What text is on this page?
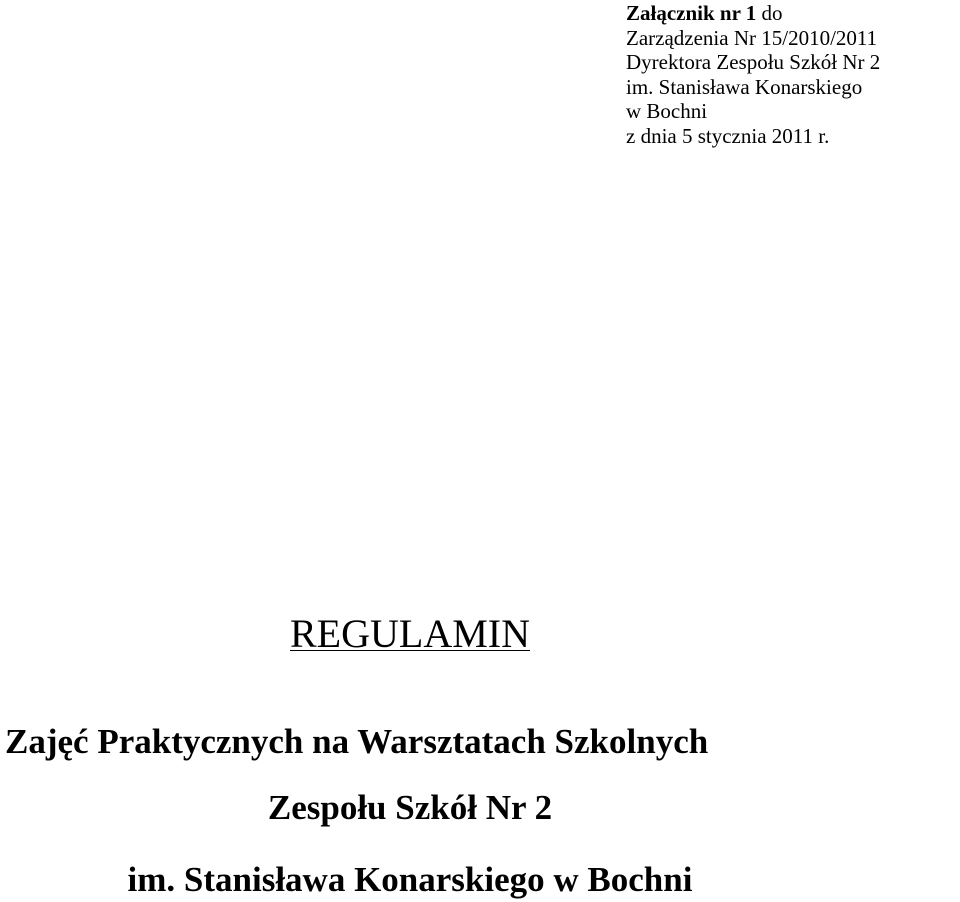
Załącznik nr 1 do
Zarządzenia Nr 15/2010/2011
Dyrektora Zespołu Szkół Nr 2
im. Stanisława Konarskiego
w Bochni
z dnia 5 stycznia 2011 r.
REGULAMIN
Zajęć Praktycznych na Warsztatach Szkolnych
Zespołu Szkół Nr 2
im. Stanisława Konarskiego w Bochni
